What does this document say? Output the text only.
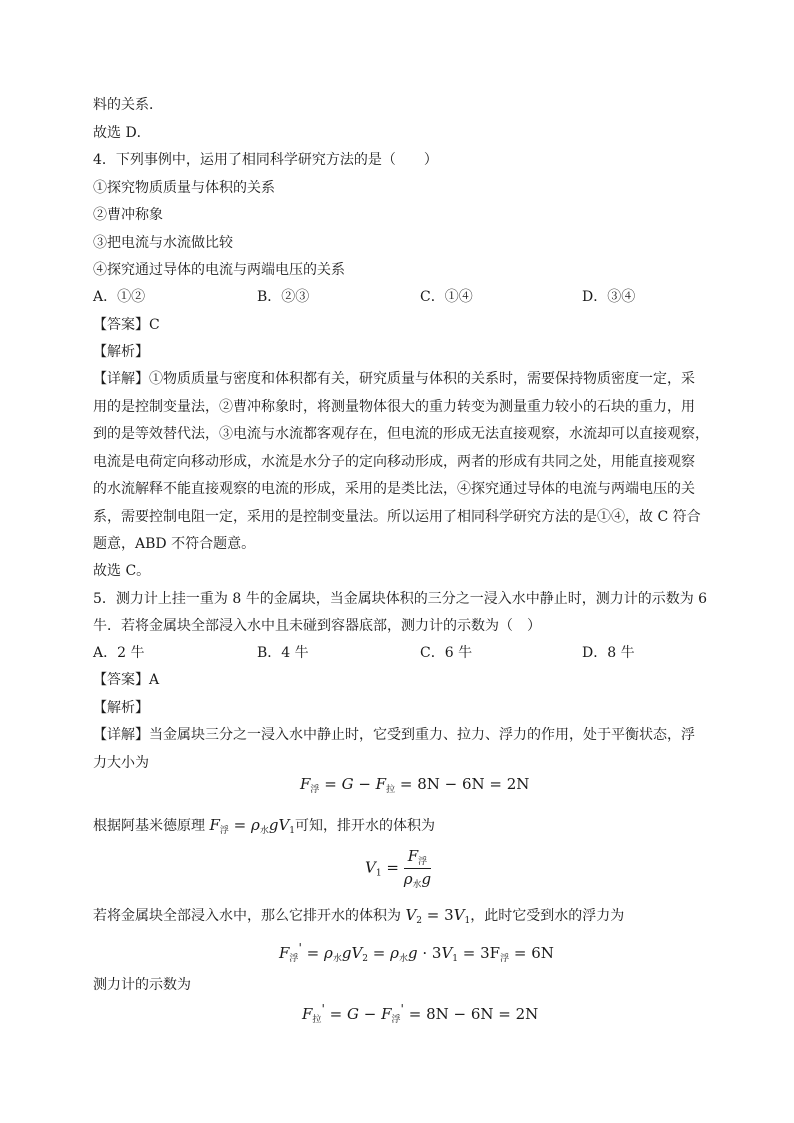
料的关系．
故选 D．
4．下列事例中，运用了相同科学研究方法的是（　　）
①探究物质质量与体积的关系
②曹冲称象
③把电流与水流做比较
④探究通过导体的电流与两端电压的关系
A．①②	B．②③	C．①④	D．③④
【答案】C
【解析】
【详解】①物质质量与密度和体积都有关，研究质量与体积的关系时，需要保持物质密度一定，采
用的是控制变量法，②曹冲称象时，将测量物体很大的重力转变为测量重力较小的石块的重力，用
到的是等效替代法，③电流与水流都客观存在，但电流的形成无法直接观察，水流却可以直接观察，
电流是电荷定向移动形成，水流是水分子的定向移动形成，两者的形成有共同之处，用能直接观察
的水流解释不能直接观察的电流的形成，采用的是类比法，④探究通过导体的电流与两端电压的关
系，需要控制电阻一定，采用的是控制变量法。所以运用了相同科学研究方法的是①④，故 C 符合
题意，ABD 不符合题意。
故选 C。
5．测力计上挂一重为 8 牛的金属块，当金属块体积的三分之一浸入水中静止时，测力计的示数为 6
牛．若将金属块全部浸入水中且未碰到容器底部，测力计的示数为（　）
A．2 牛	B．4 牛	C．6 牛	D．8 牛
【答案】A
【解析】
【详解】当金属块三分之一浸入水中静止时，它受到重力、拉力、浮力的作用，处于平衡状态，浮
力大小为
$F_浮 = G - F_拉 = 8N - 6N = 2N$
根据阿基米德原理 $F_浮 = \rho_水gV_1$可知，排开水的体积为
$V_1 = \frac{F_浮}{\rho_水g}$
若将金属块全部浸入水中，那么它排开水的体积为 $V_2 = 3V_1$，此时它受到水的浮力为
$F_浮' = \rho_水gV_2 = \rho_水g \cdot 3V_1 = 3F_浮 = 6N$
测力计的示数为
$F_拉' = G - F_浮' = 8N - 6N = 2N$
